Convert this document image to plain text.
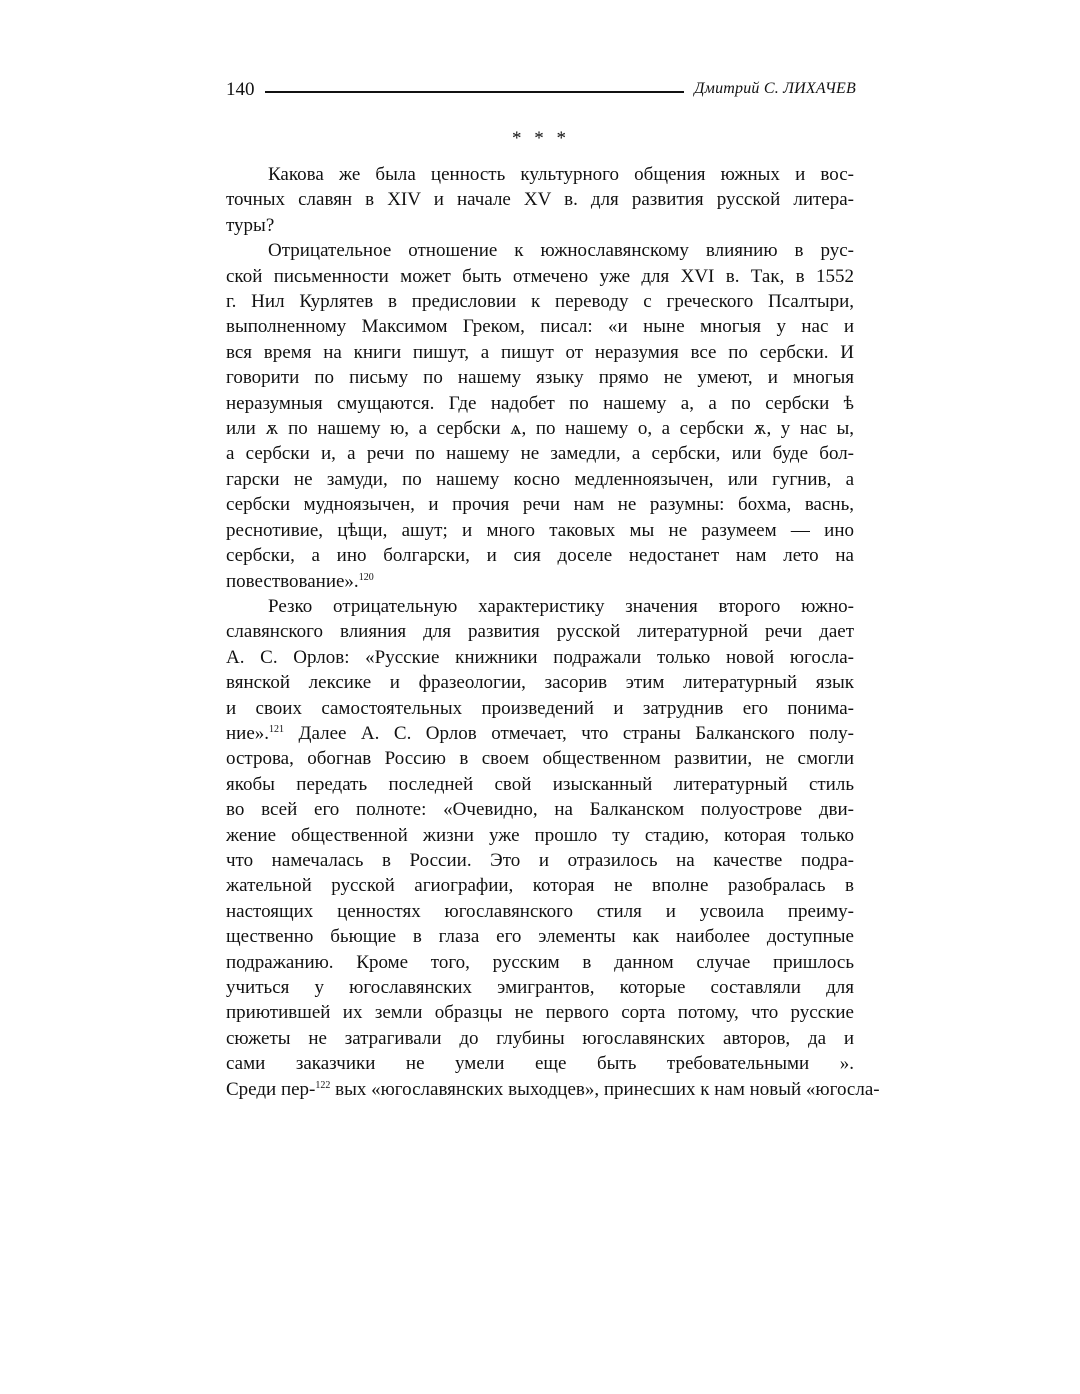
140	Дмитрий С. ЛИХАЧЕВ
* * *
Какова же была ценность культурного общения южных и вос-
точных славян в XIV и начале XV в. для развития русской литера-
туры?
Отрицательное отношение к южнославянскому влиянию в рус-
ской письменности может быть отмечено уже для XVI в. Так, в 1552
г. Нил Курлятев в предисловии к переводу с греческого Псалтыри,
выполненному Максимом Греком, писал: «и ныне многыя у нас и
вся время на книги пишут, а пишут от неразумия все по сербски. И
говорити по письму по нашему языку прямо не умеют, и многыя
неразумныя смущаются. Где надобет по нашему а, а по сербски ѣ
или ѫ по нашему ю, а сербски ѧ, по нашему о, а сербски ѫ, у нас ы,
а сербски и, а речи по нашему не замедли, а сербски, или буде бол-
гарски не замуди, по нашему косно медленноязычен, или гугнив, а
сербски мудноязычен, и прочия речи нам не разумны: бохма, васнь,
реснотивие, цѣщи, ашут; и много таковых мы не разумеем — ино
сербски, а ино болгарски, и сия доселе недостанет нам лето на
повествование».$^{120}$
Резко отрицательную характеристику значения второго южно-
славянского влияния для развития русской литературной речи дает
А. С. Орлов: «Русские книжники подражали только новой югосла-
вянской лексике и фразеологии, засорив этим литературный язык
и своих самостоятельных произведений и затруднив его понима-
ние».$^{121}$ Далее А. С. Орлов отмечает, что страны Балканского полу-
острова, обогнав Россию в своем общественном развитии, не смогли
якобы передать последней свой изысканный литературный стиль
во всей его полноте: «Очевидно, на Балканском полуострове дви-
жение общественной жизни уже прошло ту стадию, которая только
что намечалась в России. Это и отразилось на качестве подра-
жательной русской агиографии, которая не вполне разобралась в
настоящих ценностях югославянского стиля и усвоила преиму-
щественно бьющие в глаза его элементы как наиболее доступные
подражанию. Кроме того, русским в данном случае пришлось
учиться у югославянских эмигрантов, которые составляли для
приютившей их земли образцы не первого сорта потому, что русские
сюжеты не затрагивали до глубины югославянских авторов, да и
сами заказчики не умели еще быть требовательными ».
Среди пер-$^{122}$ вых «югославянских выходцев», принесших к нам новый «югосла-
